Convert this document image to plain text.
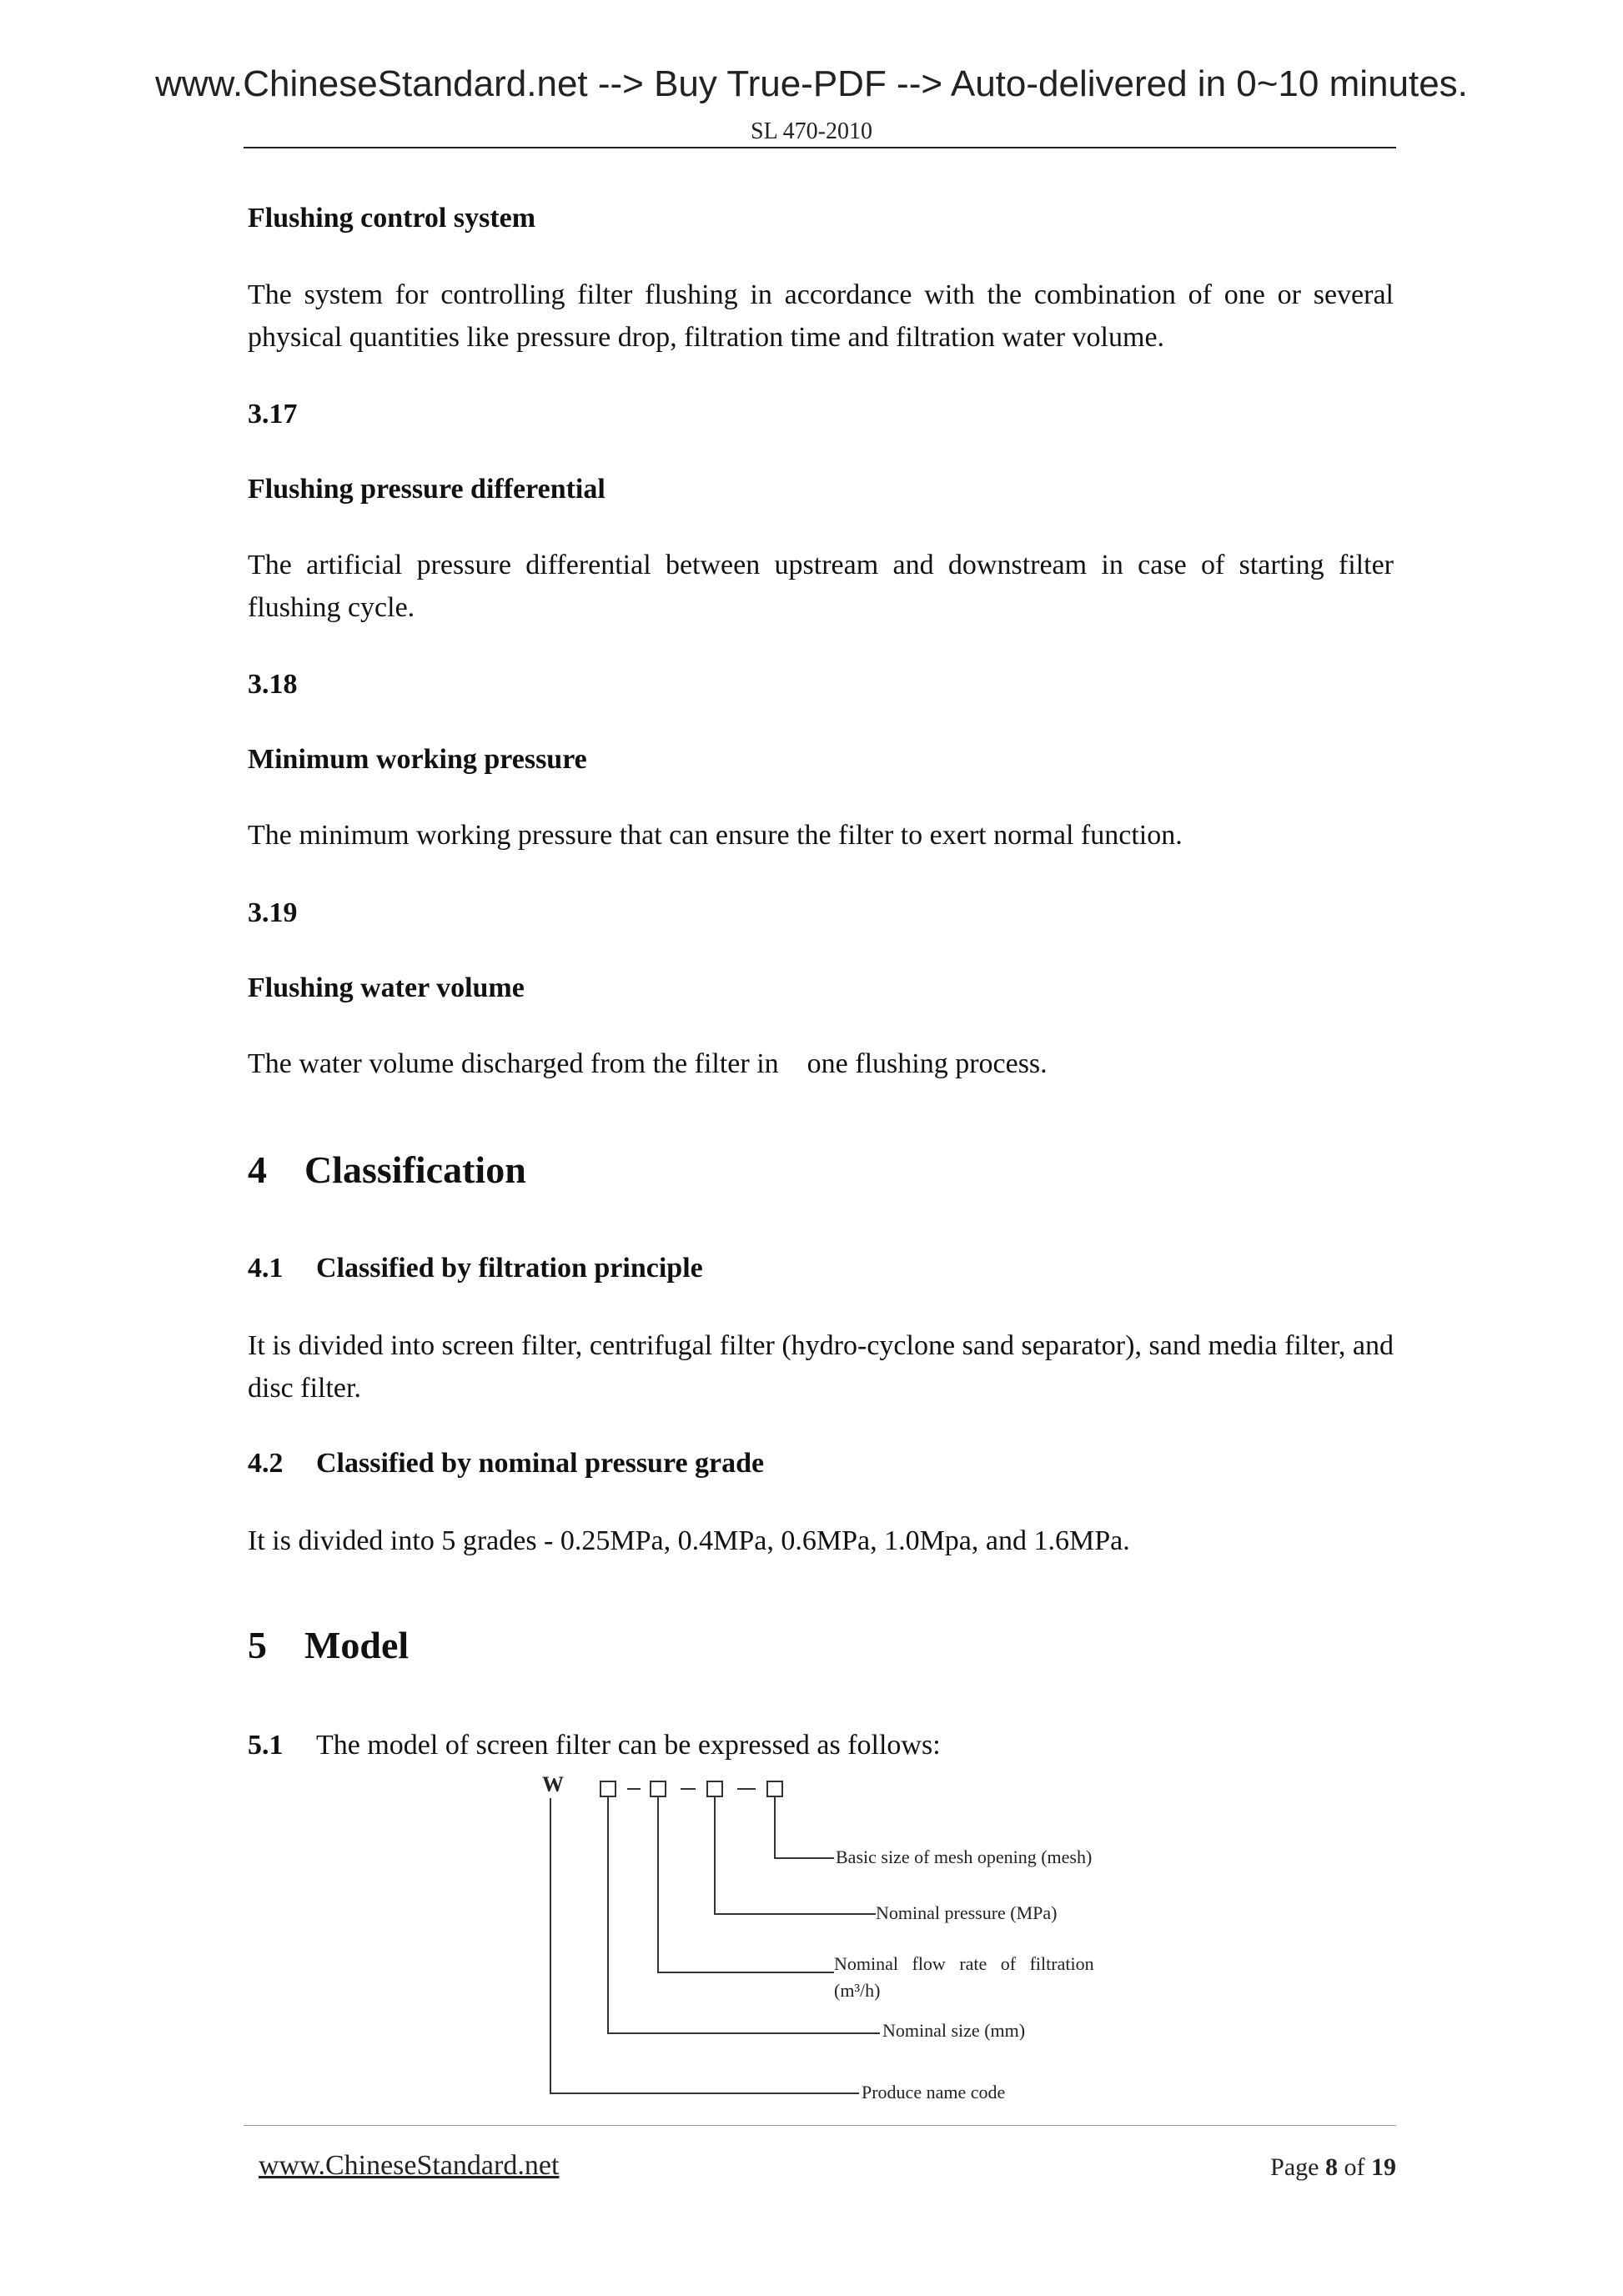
www.ChineseStandard.net --> Buy True-PDF --> Auto-delivered in 0~10 minutes.
SL 470-2010
Flushing control system

The system for controlling filter flushing in accordance with the combination of one or several physical quantities like pressure drop, filtration time and filtration water volume.

3.17
Flushing pressure differential

The artificial pressure differential between upstream and downstream in case of starting filter flushing cycle.

3.18
Minimum working pressure

The minimum working pressure that can ensure the filter to exert normal function.

3.19
Flushing water volume

The water volume discharged from the filter in    one flushing process.

4 Classification
4.1 Classified by filtration principle

It is divided into screen filter, centrifugal filter (hydro-cyclone sand separator), sand media filter, and disc filter.

4.2 Classified by nominal pressure grade

It is divided into 5 grades - 0.25MPa, 0.4MPa, 0.6MPa, 1.0Mpa, and 1.6MPa.

5 Model
5.1 The model of screen filter can be expressed as follows:
W
Basic size of mesh opening (mesh)
Nominal pressure (MPa)
Nominal   flow   rate   of   filtration
(m³/h)
Nominal size (mm)
Produce name code
www.ChineseStandard.net	Page 8 of 19
